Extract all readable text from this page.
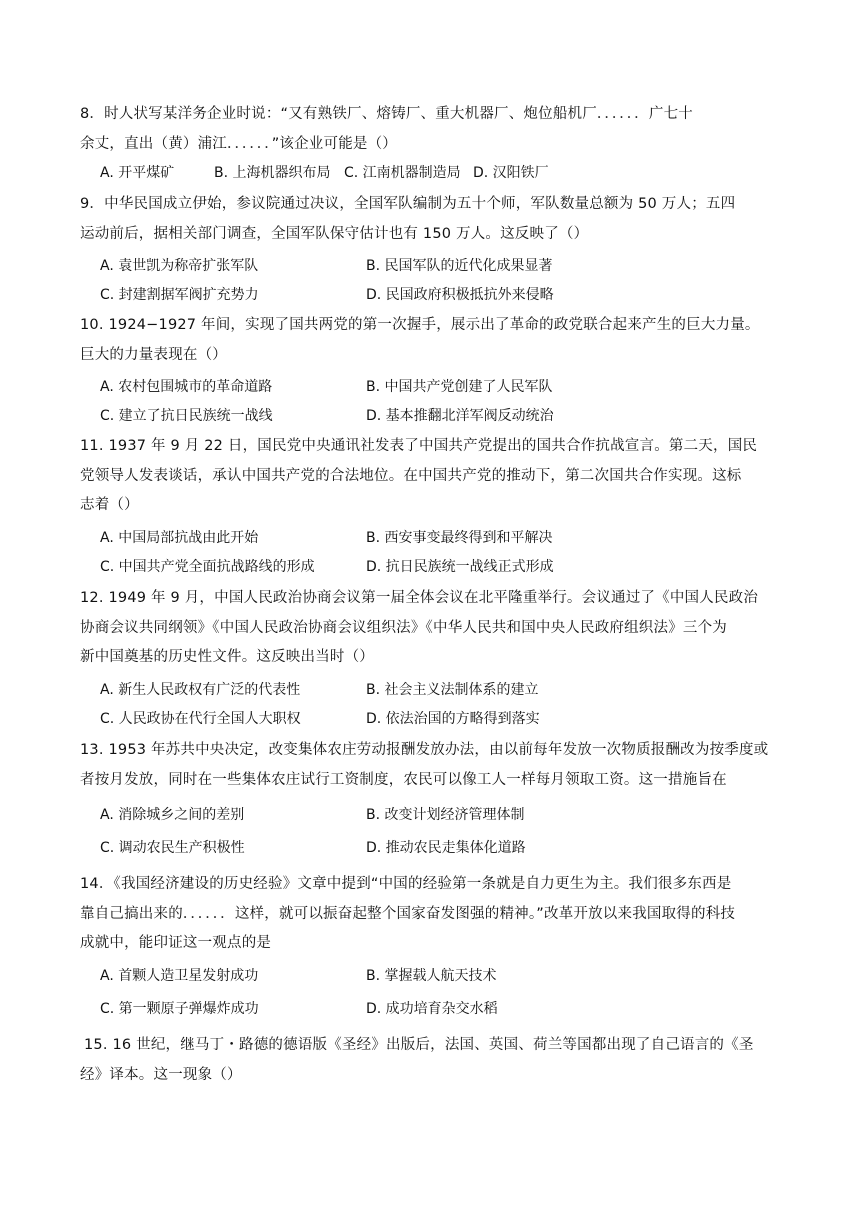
8．时人状写某洋务企业时说：“又有熟铁厂、熔铸厂、重大机器厂、炮位船机厂．．．．．．广七十
余丈，直出（黄）浦江．．．．．．”该企业可能是（）
A. 开平煤矿	B. 上海机器织布局 C. 江南机器制造局 D. 汉阳铁厂
9．中华民国成立伊始，参议院通过决议，全国军队编制为五十个师，军队数量总额为 50 万人；五四
运动前后，据相关部门调查，全国军队保守估计也有 150 万人。这反映了（）
A. 袁世凯为称帝扩张军队	B. 民国军队的近代化成果显著
C. 封建割据军阀扩充势力	D. 民国政府积极抵抗外来侵略
10. 1924−1927 年间，实现了国共两党的第一次握手，展示出了革命的政党联合起来产生的巨大力量。
巨大的力量表现在（）
A. 农村包围城市的革命道路	B. 中国共产党创建了人民军队
C. 建立了抗日民族统一战线	D. 基本推翻北洋军阀反动统治
11. 1937 年 9 月 22 日，国民党中央通讯社发表了中国共产党提出的国共合作抗战宣言。第二天，国民
党领导人发表谈话，承认中国共产党的合法地位。在中国共产党的推动下，第二次国共合作实现。这标
志着（）
A. 中国局部抗战由此开始	B. 西安事变最终得到和平解决
C. 中国共产党全面抗战路线的形成	D. 抗日民族统一战线正式形成
12. 1949 年 9 月，中国人民政治协商会议第一届全体会议在北平隆重举行。会议通过了《中国人民政治
协商会议共同纲领》《中国人民政治协商会议组织法》《中华人民共和国中央人民政府组织法》三个为
新中国奠基的历史性文件。这反映出当时（）
A. 新生人民政权有广泛的代表性	B. 社会主义法制体系的建立
C. 人民政协在代行全国人大职权	D. 依法治国的方略得到落实
13. 1953 年苏共中央决定，改变集体农庄劳动报酬发放办法，由以前每年发放一次物质报酬改为按季度或
者按月发放，同时在一些集体农庄试行工资制度，农民可以像工人一样每月领取工资。这一措施旨在
A. 消除城乡之间的差别	B. 改变计划经济管理体制
C. 调动农民生产积极性	D. 推动农民走集体化道路
14．《我国经济建设的历史经验》文章中提到“中国的经验第一条就是自力更生为主。我们很多东西是
靠自己搞出来的．．．．．．这样，就可以振奋起整个国家奋发图强的精神。”改革开放以来我国取得的科技
成就中，能印证这一观点的是
A. 首颗人造卫星发射成功	B. 掌握载人航天技术
C. 第一颗原子弹爆炸成功	D. 成功培育杂交水稻
15. 16 世纪，继马丁・路德的德语版《圣经》出版后，法国、英国、荷兰等国都出现了自己语言的《圣
经》译本。这一现象（）
